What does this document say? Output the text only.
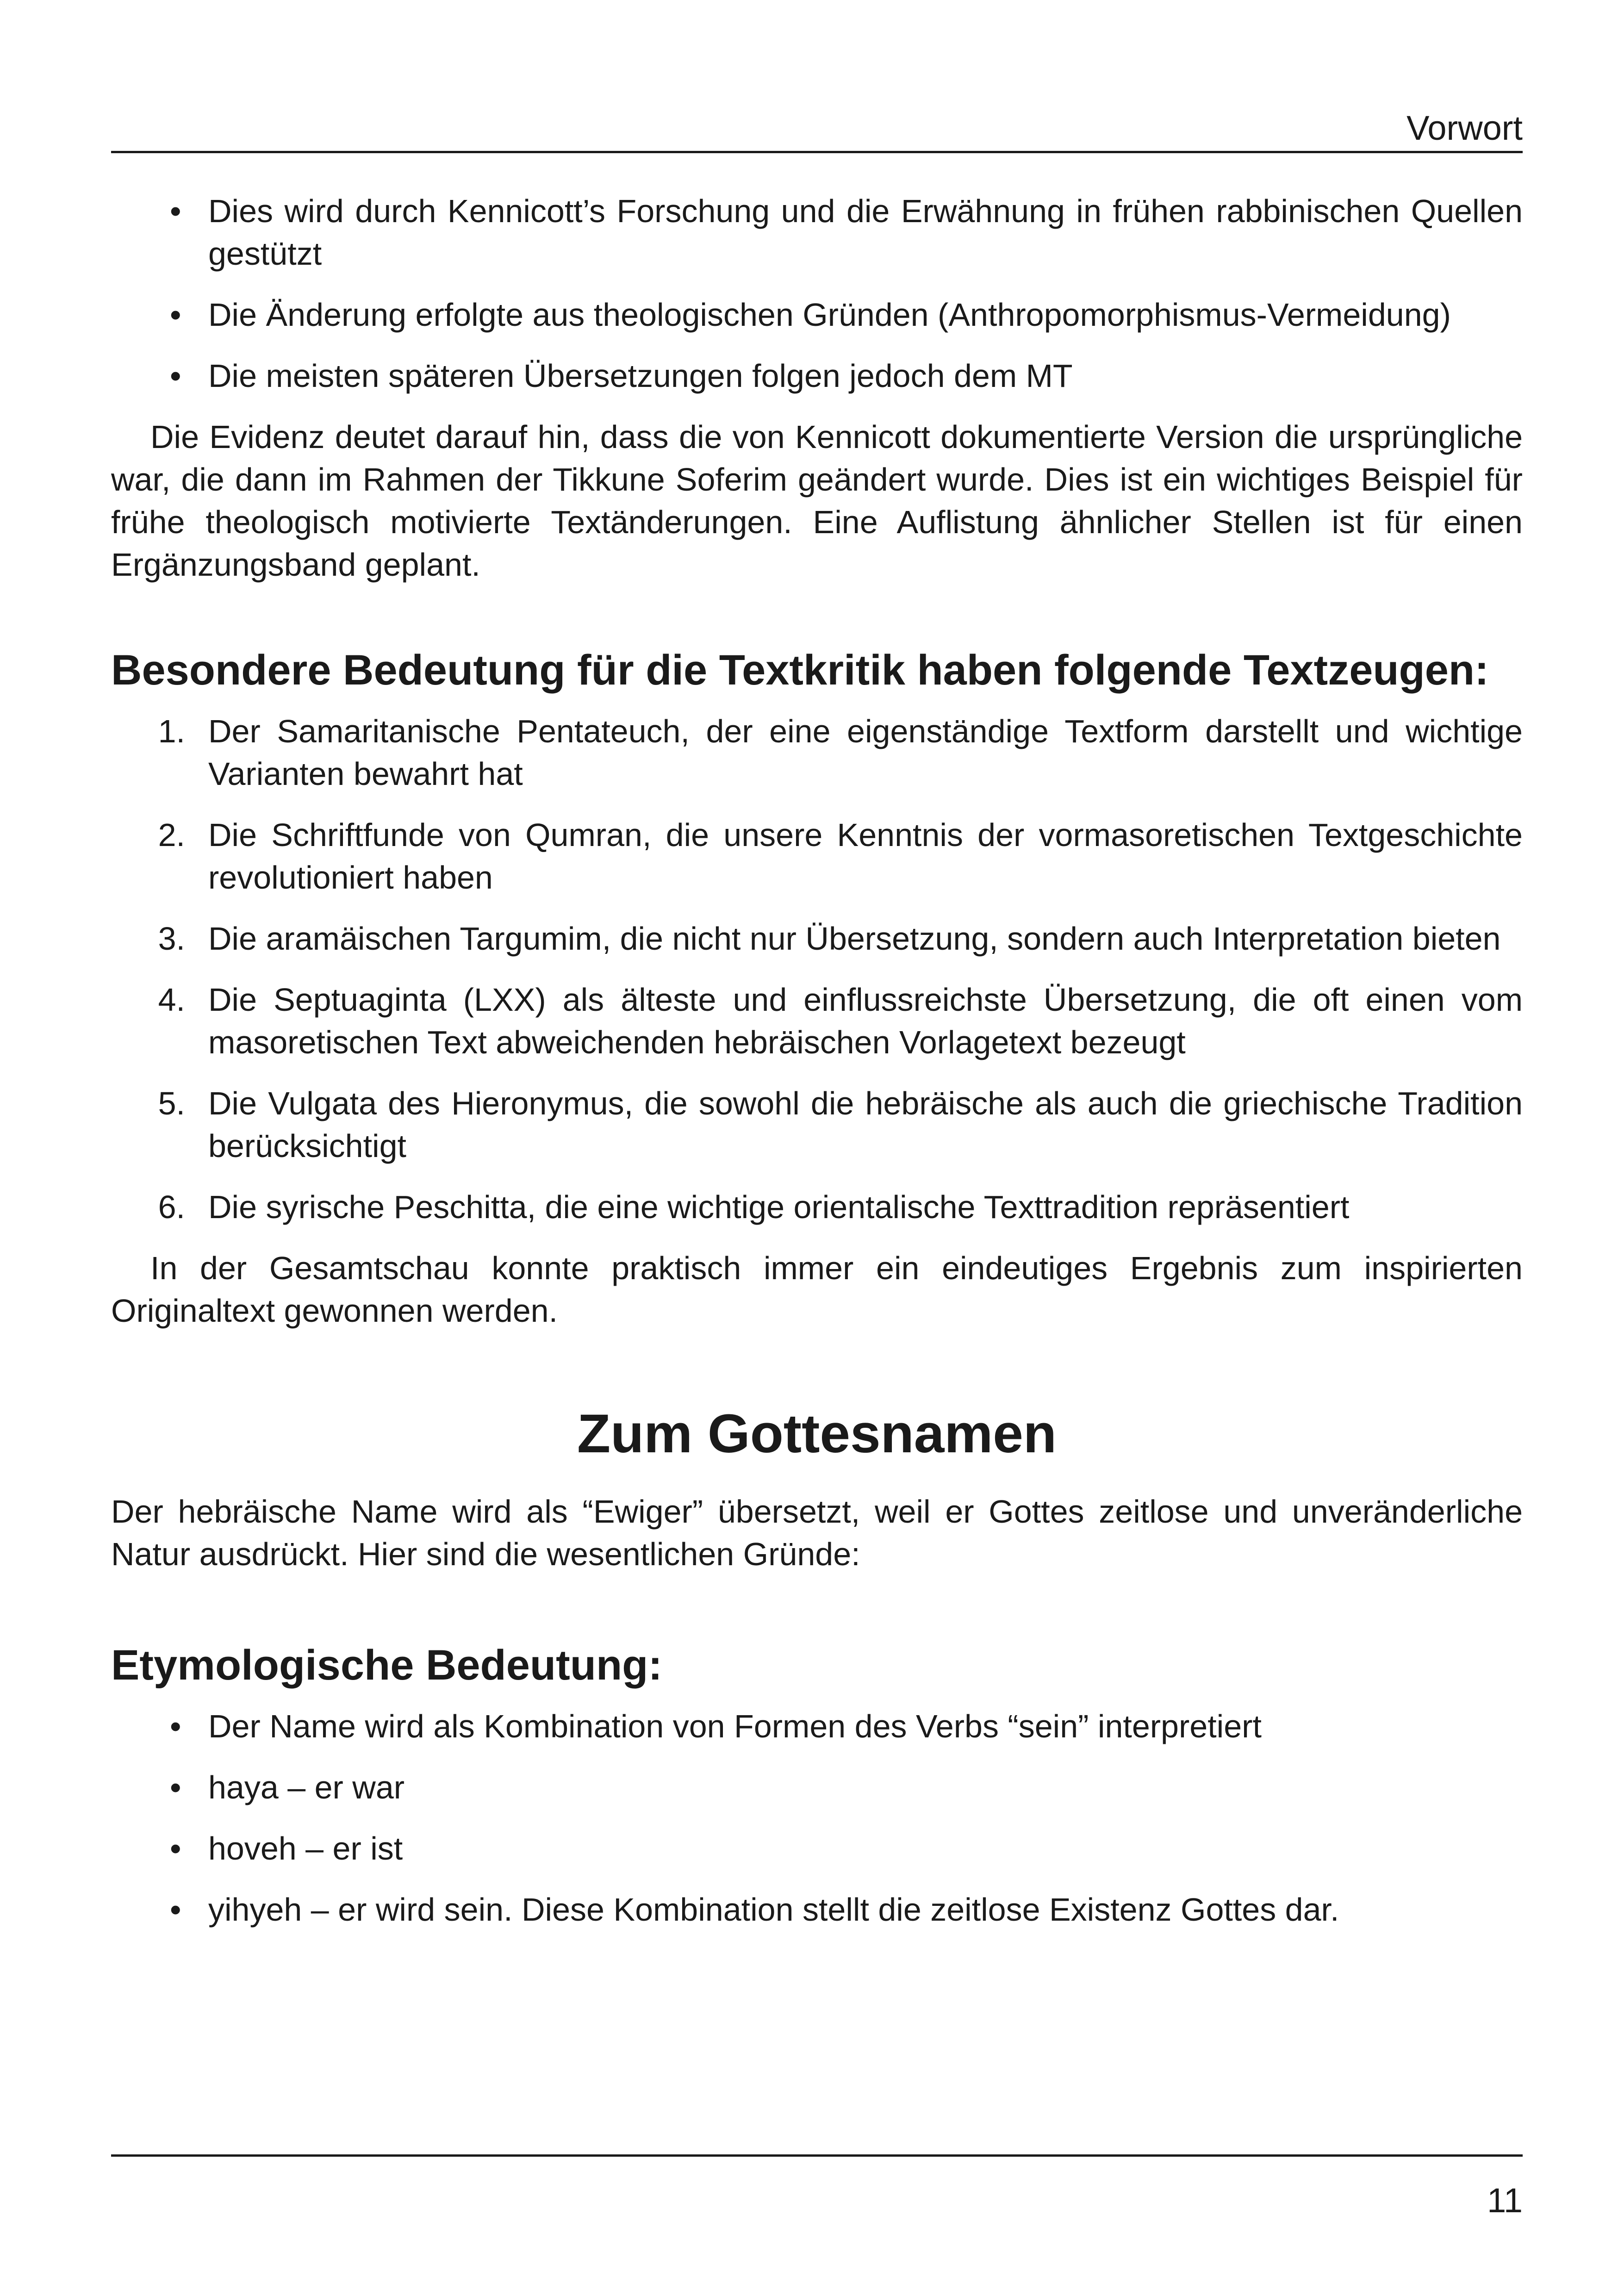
Vorwort
• Dies wird durch Kennicott’s Forschung und die Erwähnung in frühen rabbinischen Quellen gestützt
• Die Änderung erfolgte aus theologischen Gründen (Anthropomorphismus-Vermeidung)
• Die meisten späteren Übersetzungen folgen jedoch dem MT

Die Evidenz deutet darauf hin, dass die von Kennicott dokumentierte Version die ursprüngliche war, die dann im Rahmen der Tikkune Soferim geändert wurde. Dies ist ein wichtiges Beispiel für frühe theologisch motivierte Textänderungen. Eine Auflistung ähnlicher Stellen ist für einen Ergänzungsband geplant.

Besondere Bedeutung für die Textkritik haben folgende Textzeugen:
1. Der Samaritanische Pentateuch, der eine eigenständige Textform darstellt und wichtige Varianten bewahrt hat
2. Die Schriftfunde von Qumran, die unsere Kenntnis der vormasoretischen Textgeschichte revolutioniert haben
3. Die aramäischen Targumim, die nicht nur Übersetzung, sondern auch Interpretation bieten
4. Die Septuaginta (LXX) als älteste und einflussreichste Übersetzung, die oft einen vom masoretischen Text abweichenden hebräischen Vorlagetext bezeugt
5. Die Vulgata des Hieronymus, die sowohl die hebräische als auch die griechische Tradition berücksichtigt
6. Die syrische Peschitta, die eine wichtige orientalische Texttradition repräsentiert

In der Gesamtschau konnte praktisch immer ein eindeutiges Ergebnis zum inspirierten Originaltext gewonnen werden.

Zum Gottesnamen

Der hebräische Name wird als “Ewiger” übersetzt, weil er Gottes zeitlose und unveränderliche Natur ausdrückt. Hier sind die wesentlichen Gründe:

Etymologische Bedeutung:
• Der Name wird als Kombination von Formen des Verbs “sein” interpretiert
• haya – er war
• hoveh – er ist
• yihyeh – er wird sein. Diese Kombination stellt die zeitlose Existenz Gottes dar.
11
